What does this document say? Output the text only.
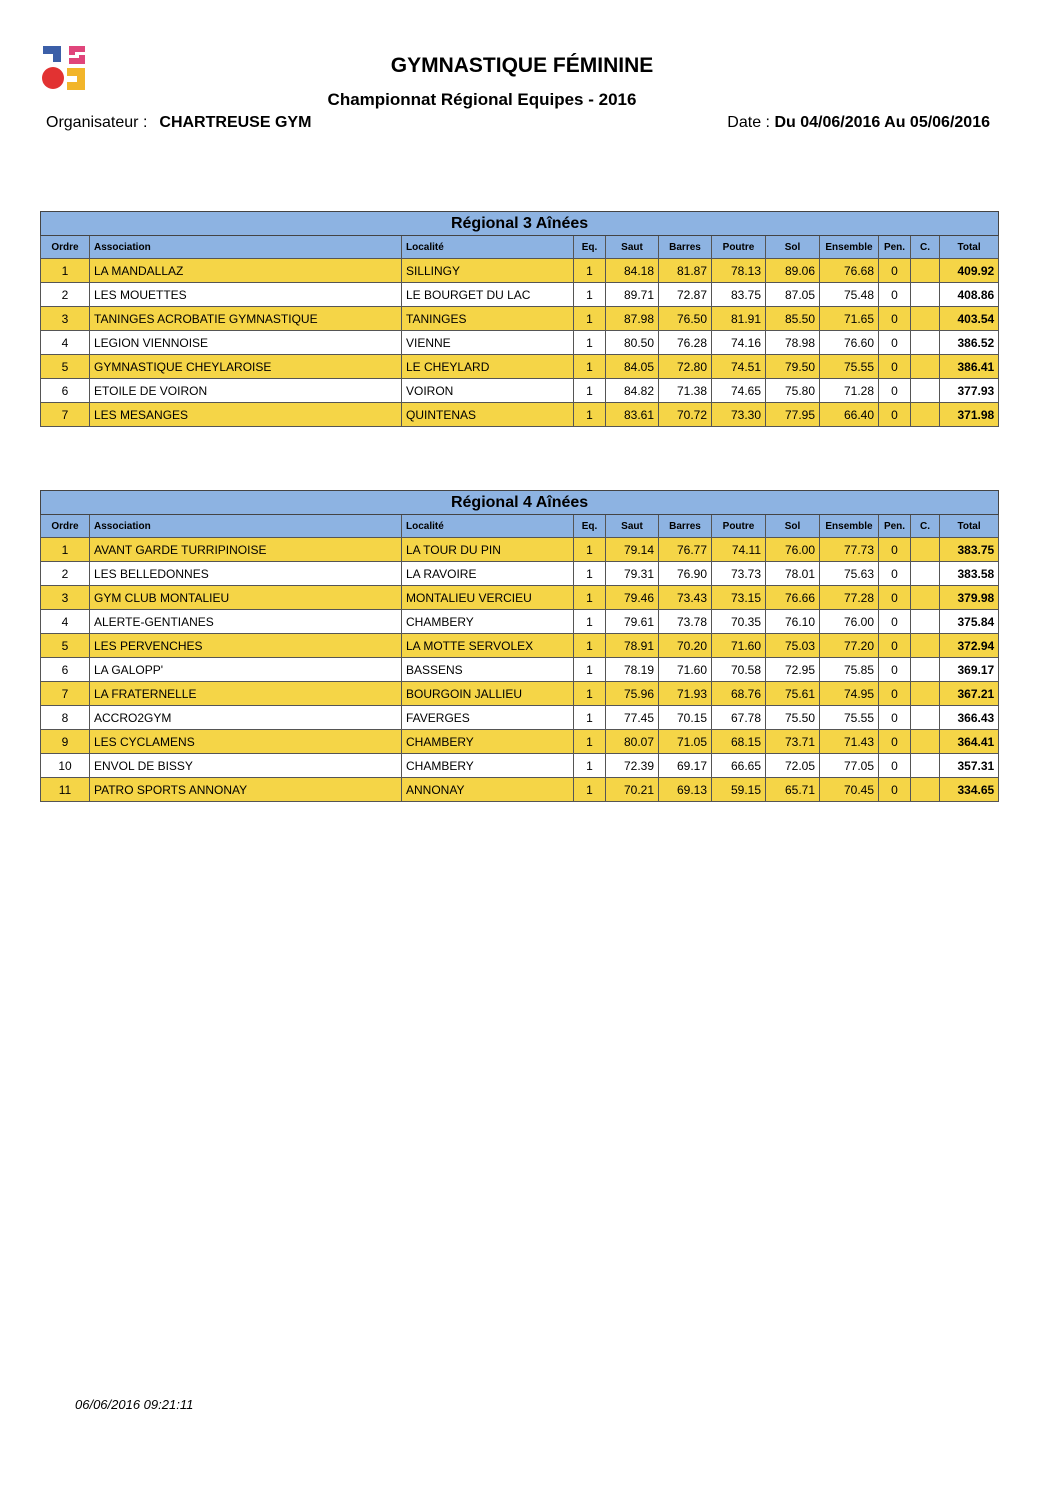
GYMNASTIQUE FÉMININE
Championnat Régional Equipes - 2016
Organisateur : CHARTREUSE GYM	Date : Du 04/06/2016 Au 05/06/2016
Régional 3 Aînées											
Ordre	Association	Localité	Eq.	Saut	Barres	Poutre	Sol	Ensemble	Pen.	C.	Total
1	LA MANDALLAZ	SILLINGY	1	84.18	81.87	78.13	89.06	76.68	0		409.92
2	LES MOUETTES	LE BOURGET DU LAC	1	89.71	72.87	83.75	87.05	75.48	0		408.86
3	TANINGES ACROBATIE GYMNASTIQUE	TANINGES	1	87.98	76.50	81.91	85.50	71.65	0		403.54
4	LEGION VIENNOISE	VIENNE	1	80.50	76.28	74.16	78.98	76.60	0		386.52
5	GYMNASTIQUE CHEYLAROISE	LE CHEYLARD	1	84.05	72.80	74.51	79.50	75.55	0		386.41
6	ETOILE DE VOIRON	VOIRON	1	84.82	71.38	74.65	75.80	71.28	0		377.93
7	LES MESANGES	QUINTENAS	1	83.61	70.72	73.30	77.95	66.40	0		371.98
Régional 4 Aînées											
Ordre	Association	Localité	Eq.	Saut	Barres	Poutre	Sol	Ensemble	Pen.	C.	Total
1	AVANT GARDE TURRIPINOISE	LA TOUR DU PIN	1	79.14	76.77	74.11	76.00	77.73	0		383.75
2	LES BELLEDONNES	LA RAVOIRE	1	79.31	76.90	73.73	78.01	75.63	0		383.58
3	GYM CLUB MONTALIEU	MONTALIEU VERCIEU	1	79.46	73.43	73.15	76.66	77.28	0		379.98
4	ALERTE-GENTIANES	CHAMBERY	1	79.61	73.78	70.35	76.10	76.00	0		375.84
5	LES PERVENCHES	LA MOTTE SERVOLEX	1	78.91	70.20	71.60	75.03	77.20	0		372.94
6	LA GALOPP'	BASSENS	1	78.19	71.60	70.58	72.95	75.85	0		369.17
7	LA FRATERNELLE	BOURGOIN JALLIEU	1	75.96	71.93	68.76	75.61	74.95	0		367.21
8	ACCRO2GYM	FAVERGES	1	77.45	70.15	67.78	75.50	75.55	0		366.43
9	LES CYCLAMENS	CHAMBERY	1	80.07	71.05	68.15	73.71	71.43	0		364.41
10	ENVOL DE BISSY	CHAMBERY	1	72.39	69.17	66.65	72.05	77.05	0		357.31
11	PATRO SPORTS ANNONAY	ANNONAY	1	70.21	69.13	59.15	65.71	70.45	0		334.65
06/06/2016 09:21:11
